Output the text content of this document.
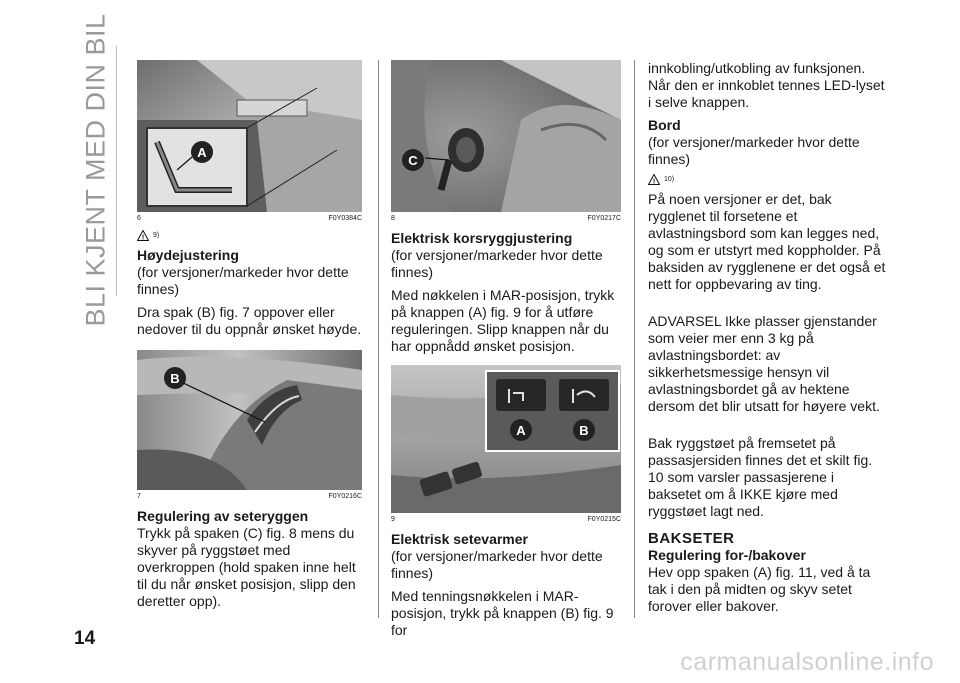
BLI KJENT MED DIN BIL	A
6	F0Y0384C
! 9)
Høydejustering
(for versjoner/markeder hvor dette finnes)
Dra spak (B) fig. 7 oppover eller nedover til du oppnår ønsket høyde.
B
7	F0Y0216C
Regulering av seteryggen
Trykk på spaken (C) fig. 8 mens du skyver på ryggstøet med overkroppen (hold spaken inne helt til du når ønsket posisjon, slipp den deretter opp).
C
8	F0Y0217C
Elektrisk korsryggjustering
(for versjoner/markeder hvor dette finnes)
Med nøkkelen i MAR-posisjon, trykk på knappen (A) fig. 9 for å utføre reguleringen. Slipp knappen når du har oppnådd ønsket posisjon.
A	B
9	F0Y0215C
Elektrisk setevarmer
(for versjoner/markeder hvor dette finnes)
Med tenningsnøkkelen i MAR-posisjon, trykk på knappen (B) fig. 9 for
innkobling/utkobling av funksjonen. Når den er innkoblet tennes LED-lyset i selve knappen.
Bord
(for versjoner/markeder hvor dette finnes)
! 10)
På noen versjoner er det, bak rygglenet til forsetene et avlastningsbord som kan legges ned, og som er utstyrt med koppholder. På baksiden av rygglenene er det også et nett for oppbevaring av ting.
ADVARSEL Ikke plasser gjenstander som veier mer enn 3 kg på avlastningsbordet: av sikkerhetsmessige hensyn vil avlastningsbordet gå av hektene dersom det blir utsatt for høyere vekt.
Bak ryggstøet på fremsetet på passasjersiden finnes det et skilt fig. 10 som varsler passasjerene i baksetet om å IKKE kjøre med ryggstøet lagt ned.
BAKSETER
Regulering for-/bakover
Hev opp spaken (A) fig. 11, ved å ta tak i den på midten og skyv setet forover eller bakover.
14
carmanualsonline.info
